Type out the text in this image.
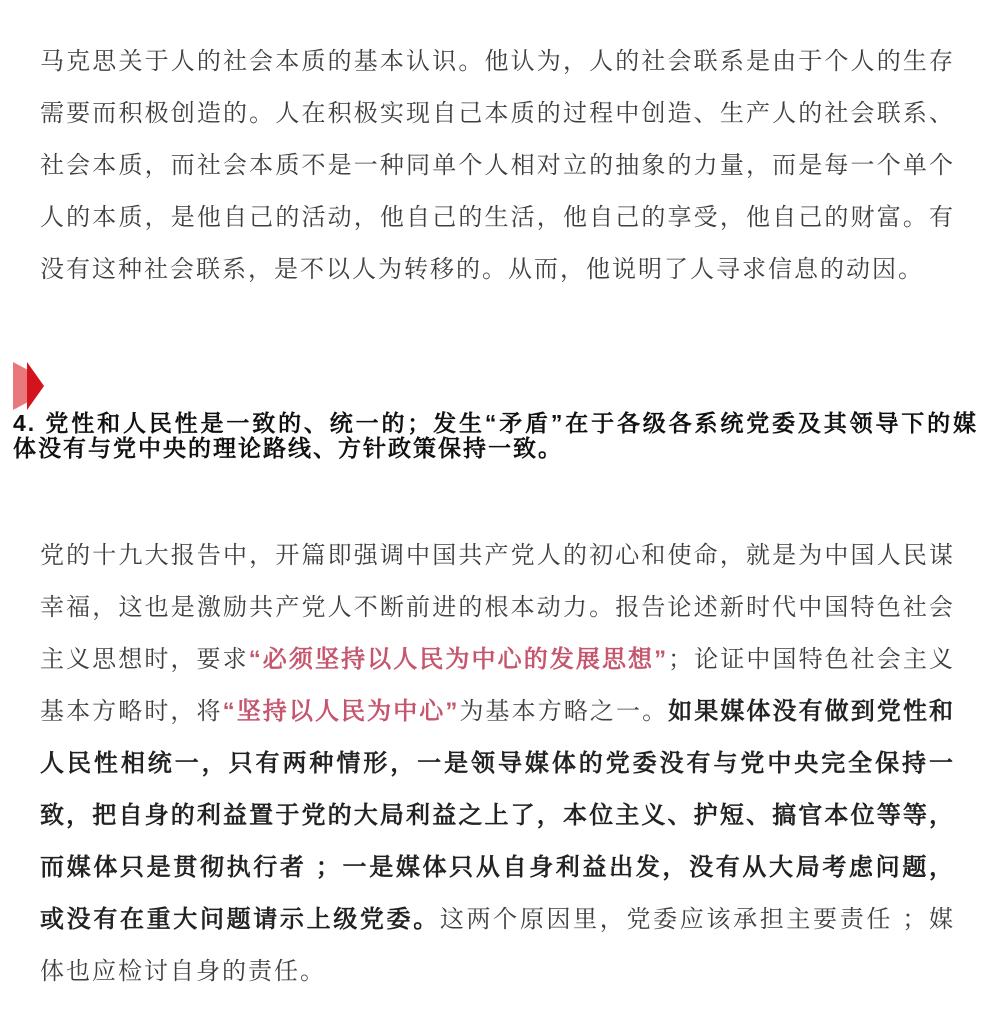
马克思关于人的社会本质的基本认识。他认为，人的社会联系是由于个人的生存
需要而积极创造的。人在积极实现自己本质的过程中创造、生产人的社会联系、
社会本质，而社会本质不是一种同单个人相对立的抽象的力量，而是每一个单个
人的本质，是他自己的活动，他自己的生活，他自己的享受，他自己的财富。有
没有这种社会联系，是不以人为转移的。从而，他说明了人寻求信息的动因。
4. 党性和人民性是一致的、统一的；发生“矛盾”在于各级各系统党委及其领导下的媒
体没有与党中央的理论路线、方针政策保持一致。
党的十九大报告中，开篇即强调中国共产党人的初心和使命，就是为中国人民谋
幸福，这也是激励共产党人不断前进的根本动力。报告论述新时代中国特色社会
主义思想时，要求“必须坚持以人民为中心的发展思想”；论证中国特色社会主义
基本方略时，将“坚持以人民为中心”为基本方略之一。如果媒体没有做到党性和
人民性相统一，只有两种情形，一是领导媒体的党委没有与党中央完全保持一
致，把自身的利益置于党的大局利益之上了，本位主义、护短、搞官本位等等，
而媒体只是贯彻执行者 ；一是媒体只从自身利益出发，没有从大局考虑问题，
或没有在重大问题请示上级党委。这两个原因里，党委应该承担主要责任 ；媒
体也应检讨自身的责任。
